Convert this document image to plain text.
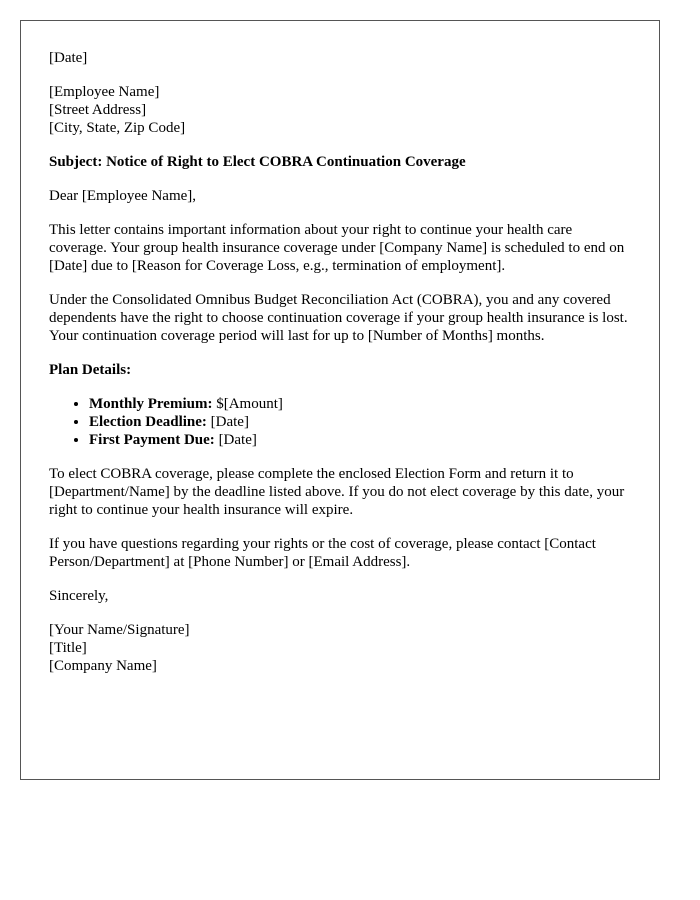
[Date]

[Employee Name]
[Street Address]
[City, State, Zip Code]

Subject: Notice of Right to Elect COBRA Continuation Coverage

Dear [Employee Name],

This letter contains important information about your right to continue your health care coverage. Your group health insurance coverage under [Company Name] is scheduled to end on [Date] due to [Reason for Coverage Loss, e.g., termination of employment].

Under the Consolidated Omnibus Budget Reconciliation Act (COBRA), you and any covered dependents have the right to choose continuation coverage if your group health insurance is lost. Your continuation coverage period will last for up to [Number of Months] months.

Plan Details:

• Monthly Premium: $[Amount]
• Election Deadline: [Date]
• First Payment Due: [Date]

To elect COBRA coverage, please complete the enclosed Election Form and return it to [Department/Name] by the deadline listed above. If you do not elect coverage by this date, your right to continue your health insurance will expire.

If you have questions regarding your rights or the cost of coverage, please contact [Contact Person/Department] at [Phone Number] or [Email Address].

Sincerely,

[Your Name/Signature]
[Title]
[Company Name]
